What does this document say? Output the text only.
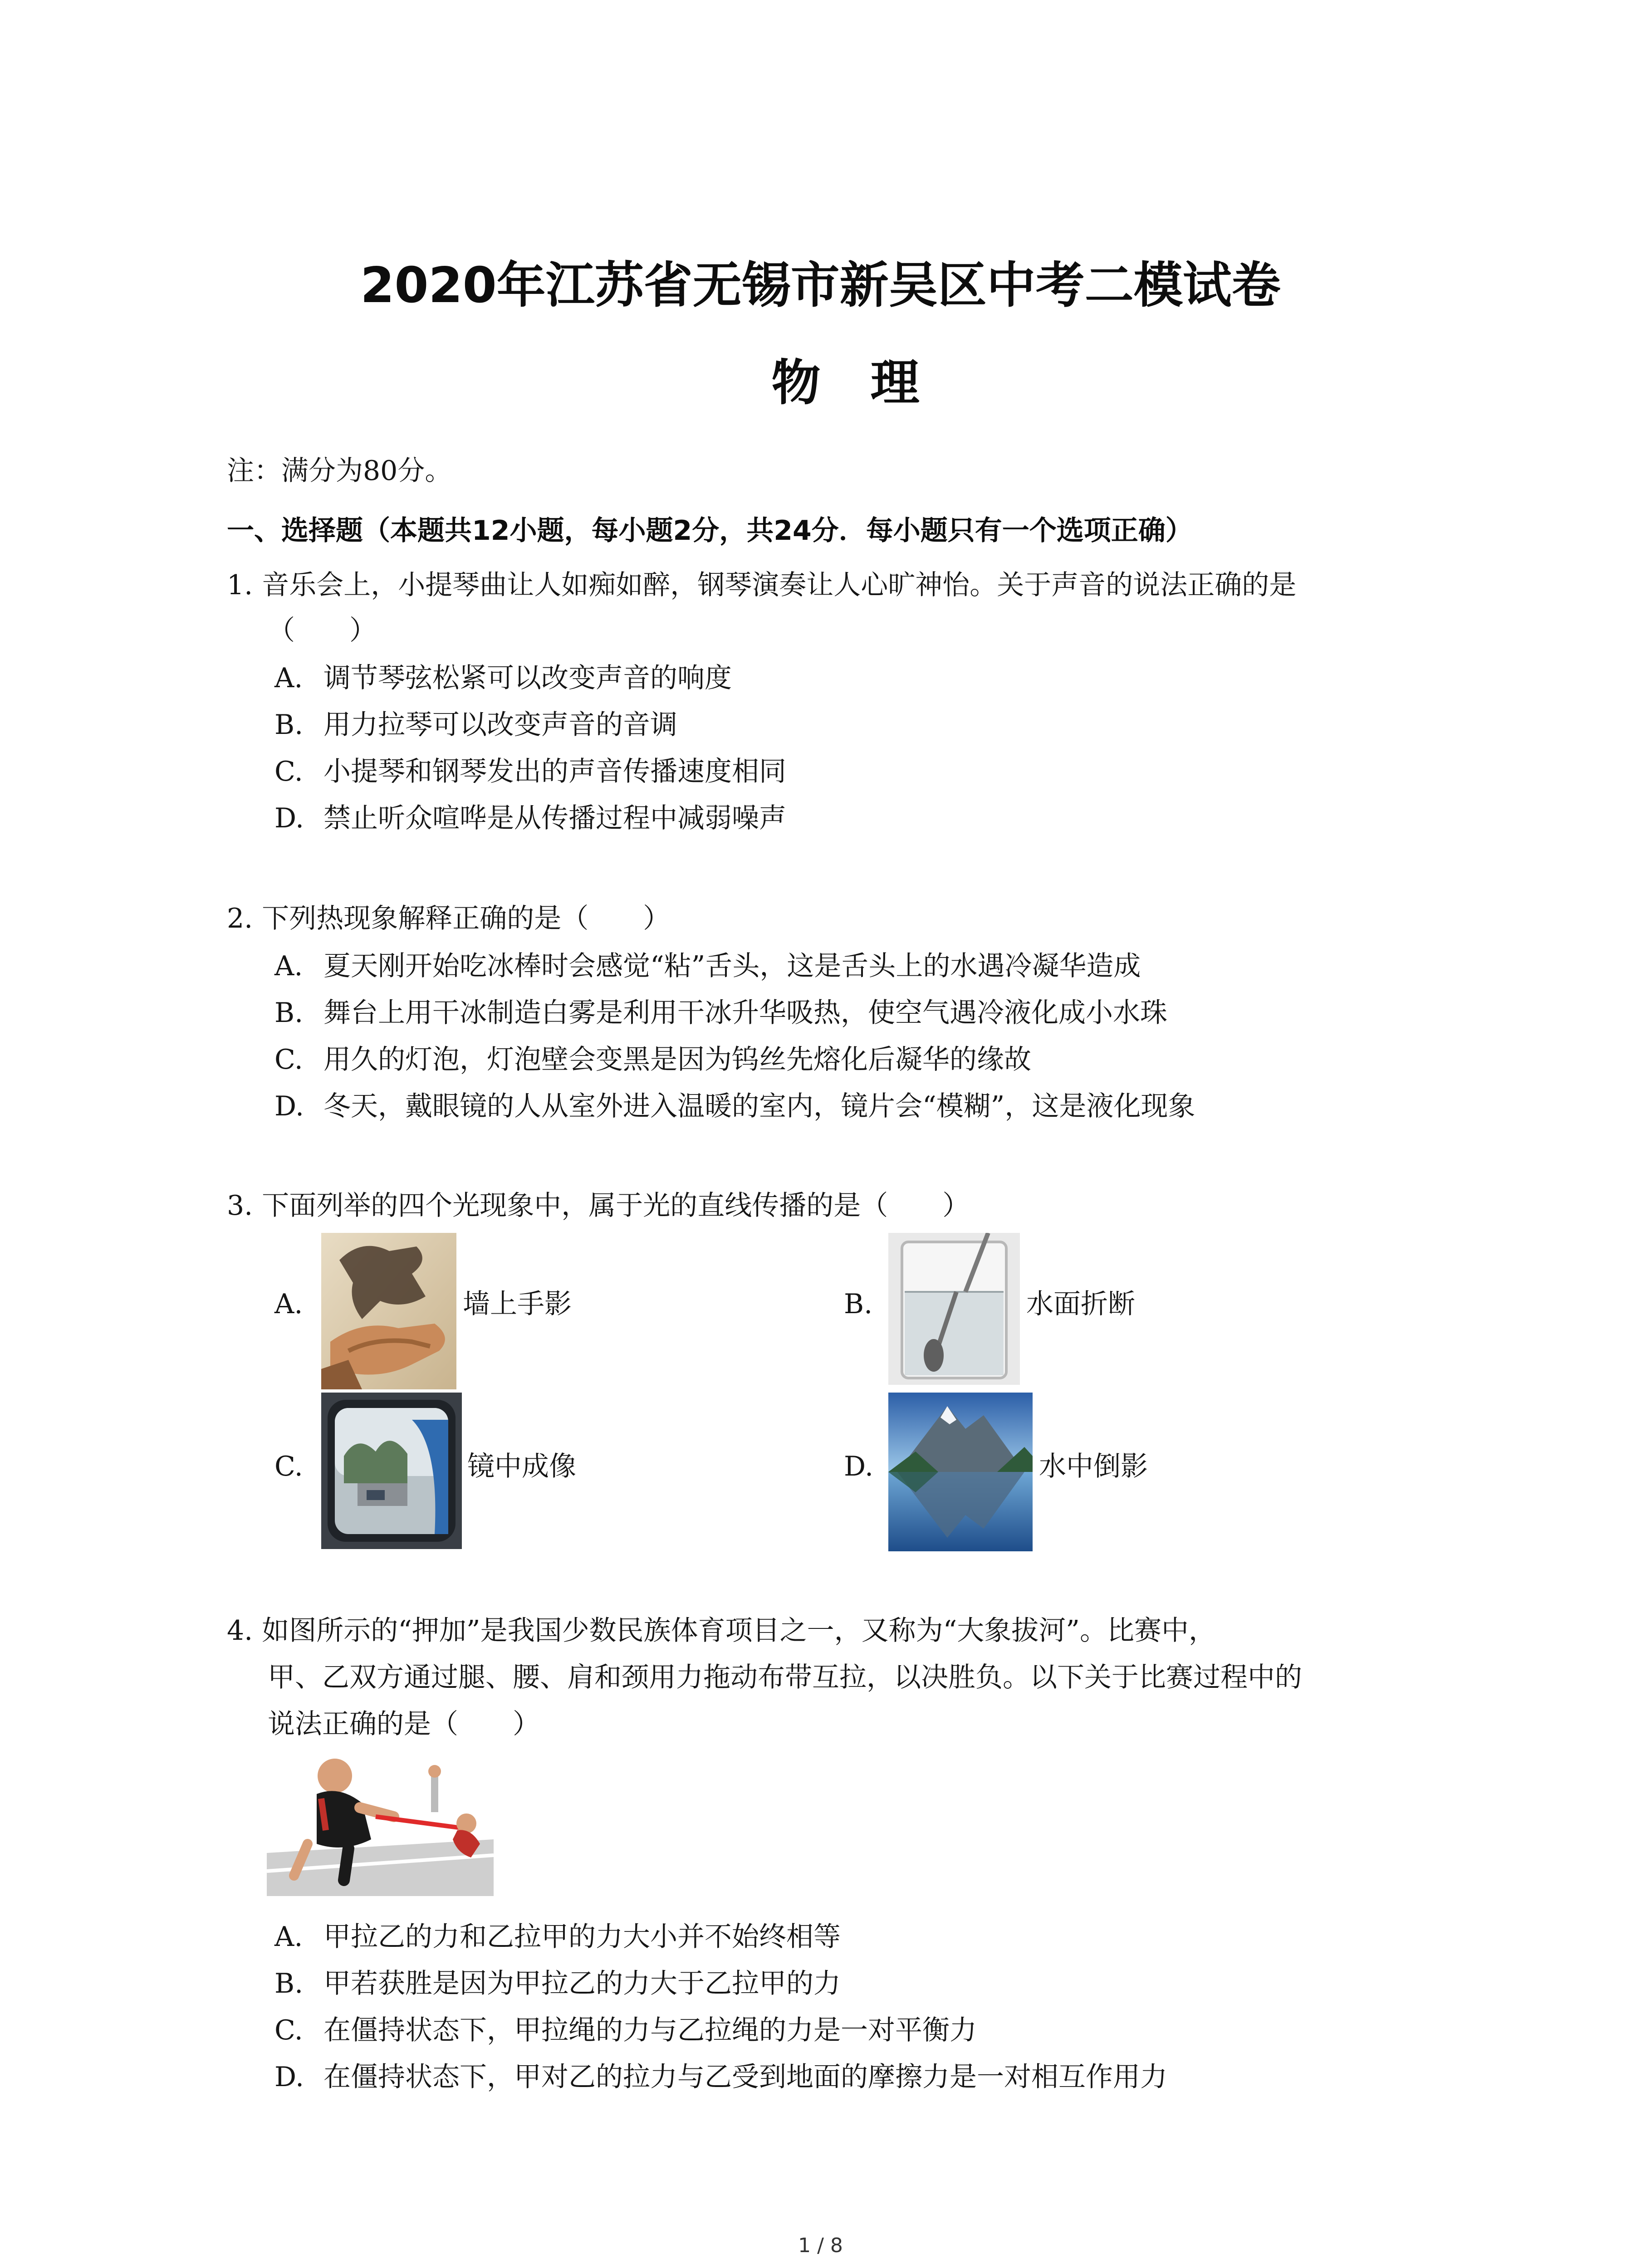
2020年江苏省无锡市新吴区中考二模试卷
物理
注：满分为80分。
一、选择题（本题共12小题，每小题2分，共24分．每小题只有一个选项正确）
1. 音乐会上，小提琴曲让人如痴如醉，钢琴演奏让人心旷神怡。关于声音的说法正确的是
（　　）
A. 调节琴弦松紧可以改变声音的响度
B. 用力拉琴可以改变声音的音调
C. 小提琴和钢琴发出的声音传播速度相同
D. 禁止听众喧哗是从传播过程中减弱噪声
2. 下列热现象解释正确的是（　　）
A. 夏天刚开始吃冰棒时会感觉“粘”舌头，这是舌头上的水遇冷凝华造成
B. 舞台上用干冰制造白雾是利用干冰升华吸热，使空气遇冷液化成小水珠
C. 用久的灯泡，灯泡壁会变黑是因为钨丝先熔化后凝华的缘故
D. 冬天，戴眼镜的人从室外进入温暖的室内，镜片会“模糊”，这是液化现象
3. 下面列举的四个光现象中，属于光的直线传播的是（　　）
A.	墙上手影	B.	水面折断
C.	镜中成像	D.	水中倒影
4. 如图所示的“押加”是我国少数民族体育项目之一，又称为“大象拔河”。比赛中，
甲、乙双方通过腿、腰、肩和颈用力拖动布带互拉，以决胜负。以下关于比赛过程中的
说法正确的是（　　）
A. 甲拉乙的力和乙拉甲的力大小并不始终相等
B. 甲若获胜是因为甲拉乙的力大于乙拉甲的力
C. 在僵持状态下，甲拉绳的力与乙拉绳的力是一对平衡力
D. 在僵持状态下，甲对乙的拉力与乙受到地面的摩擦力是一对相互作用力
1 / 8
